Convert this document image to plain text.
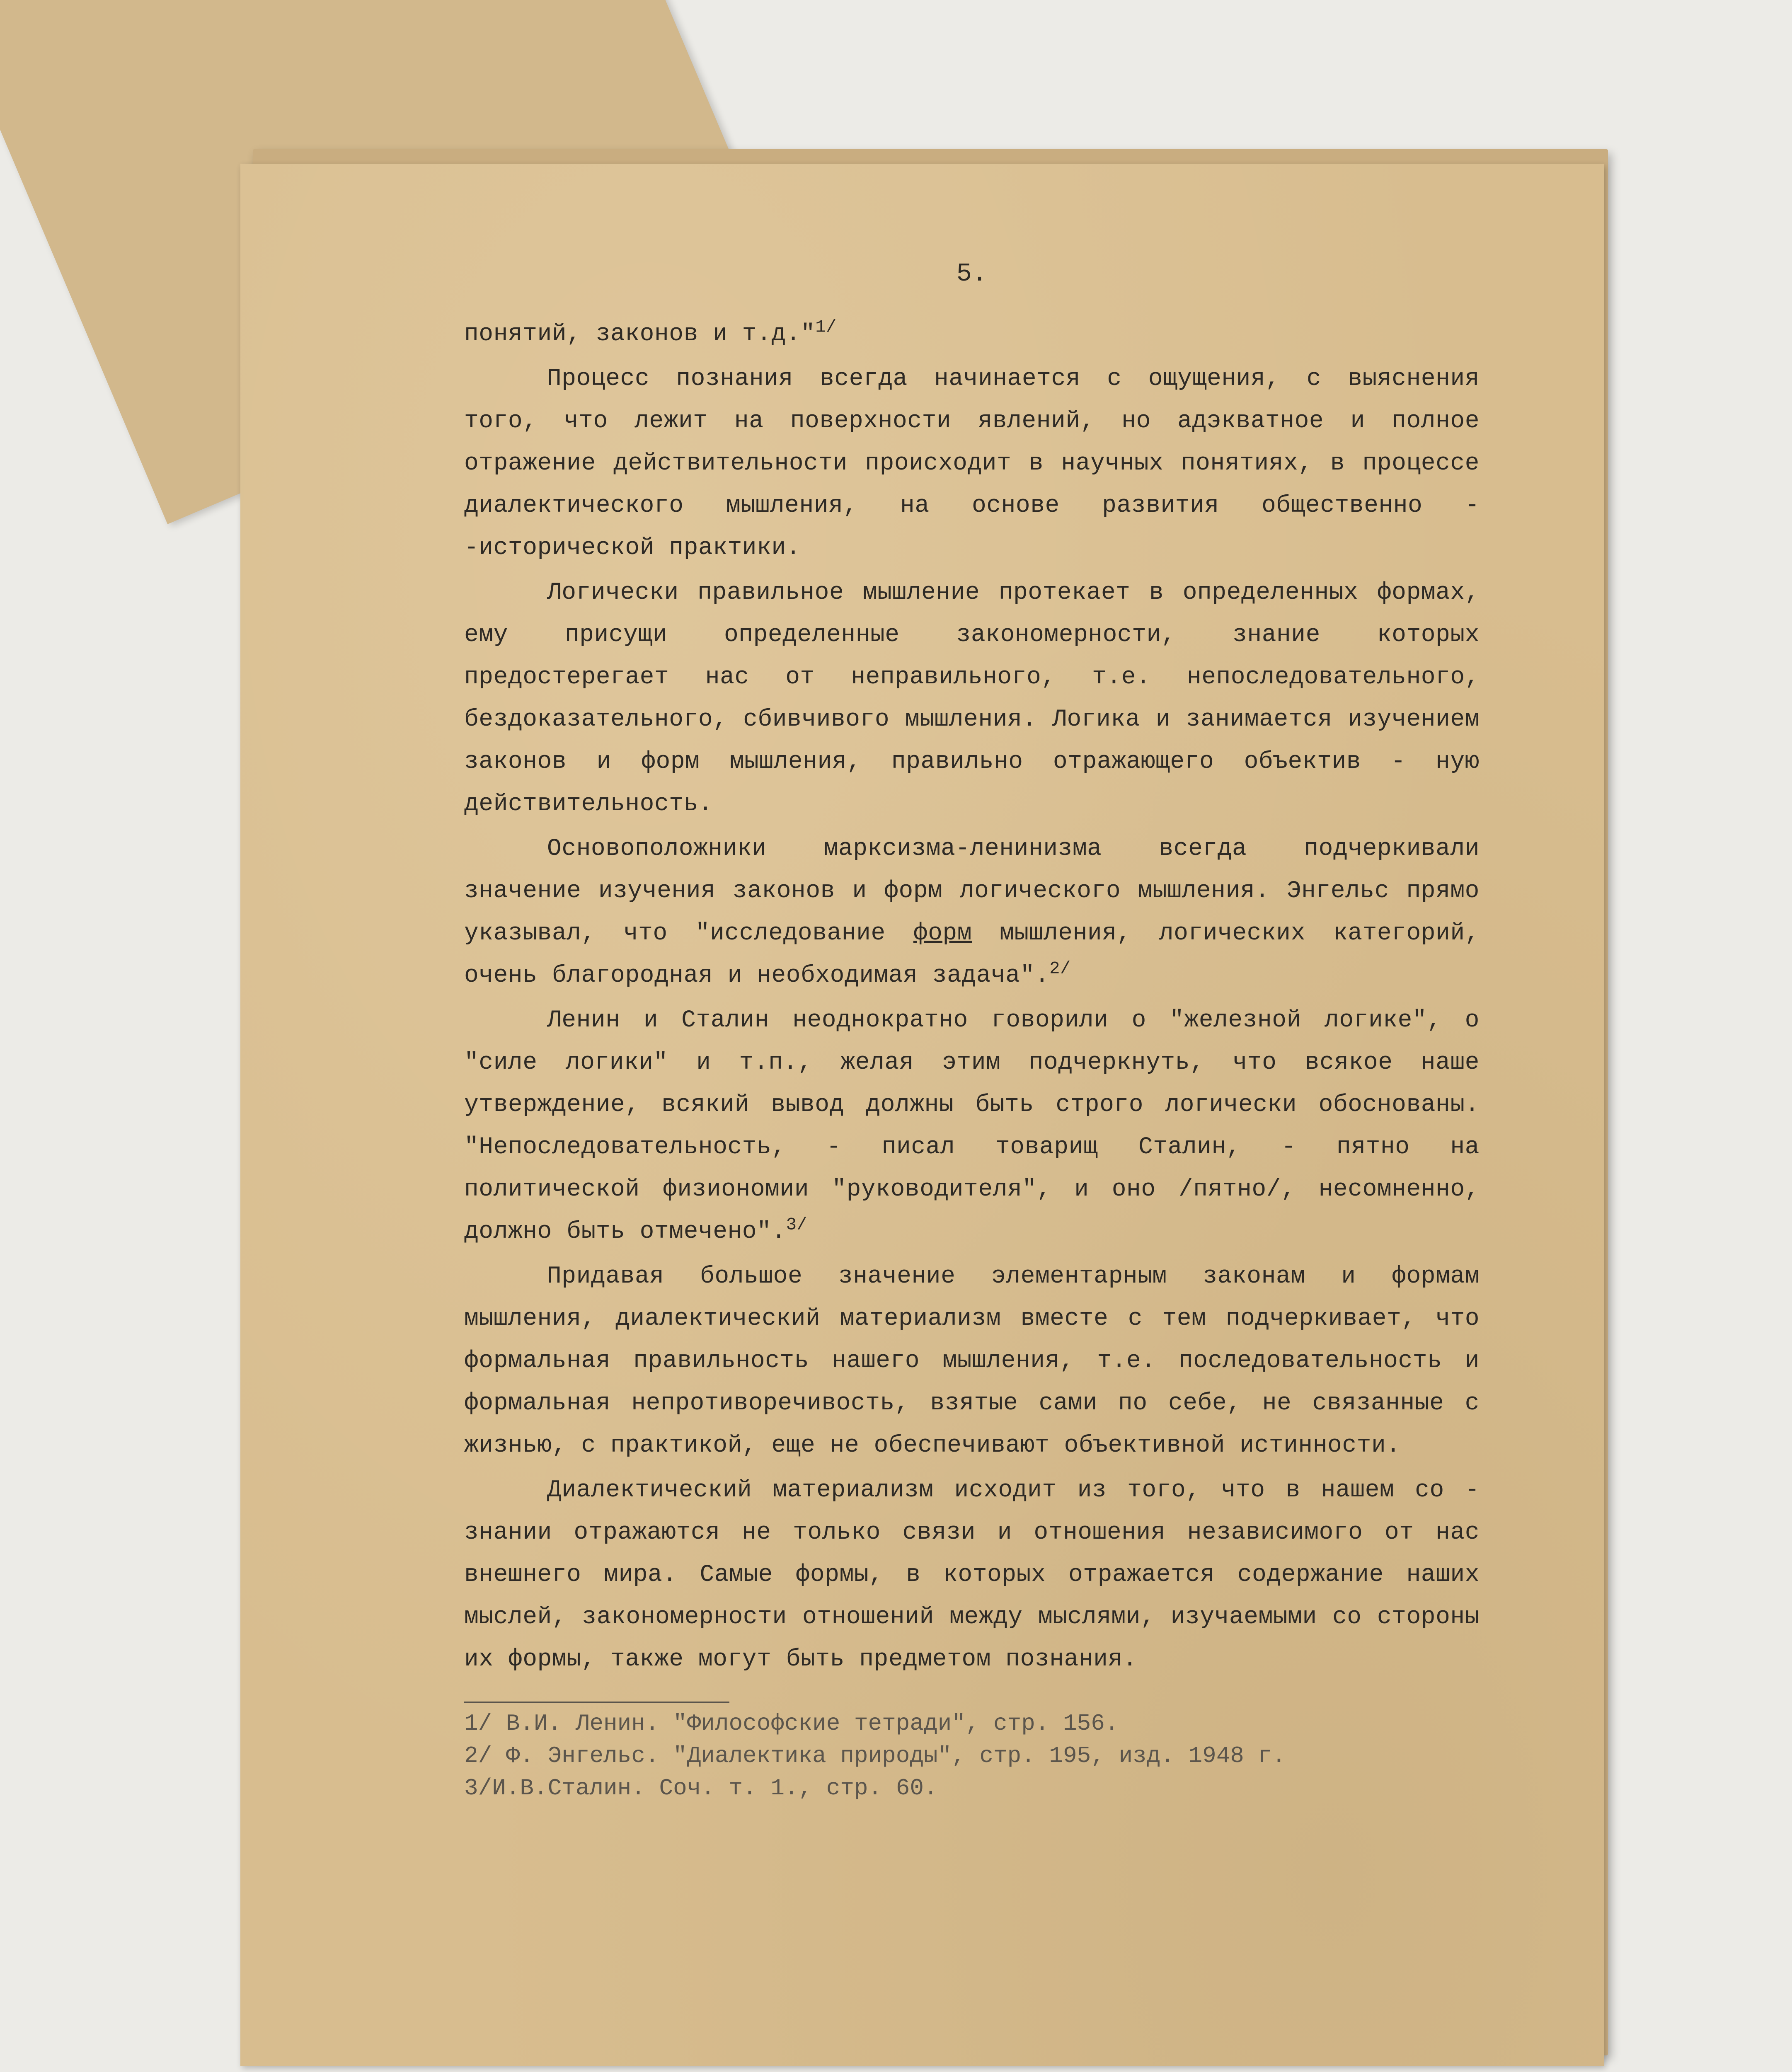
5.

понятий, законов и т.д."$^{1/}$

Процесс познания всегда начинается с ощущения, с выяснения того, что лежит на поверхности явлений, но адэкватное и полное отражение действительности происходит в научных понятиях, в процессе диалектического мышления, на основе развития общественно - -исторической практики.

Логически правильное мышление протекает в определенных формах, ему присущи определенные закономерности, знание которых предостерегает нас от неправильного, т.е. непоследовательного, бездоказательного, сбивчивого мышления. Логика и занимается изучением законов и форм мышления, правильно отражающего объектив - ную действительность.

Основоположники марксизма-ленинизма всегда подчеркивали значение изучения законов и форм логического мышления. Энгельс прямо указывал, что "исследование форм мышления, логических категорий, очень благородная и необходимая задача".$^{2/}$

Ленин и Сталин неоднократно говорили о "железной логике", о "силе логики" и т.п., желая этим подчеркнуть, что всякое наше утверждение, всякий вывод должны быть строго логически обоснованы. "Непоследовательность, - писал товарищ Сталин, - пятно на политической физиономии "руководителя", и оно /пятно/, несомненно, должно быть отмечено".$^{3/}$

Придавая большое значение элементарным законам и формам мышления, диалектический материализм вместе с тем подчеркивает, что формальная правильность нашего мышления, т.е. последовательность и формальная непротиворечивость, взятые сами по себе, не связанные с жизнью, с практикой, еще не обеспечивают объективной истинности.

Диалектический материализм исходит из того, что в нашем со - знании отражаются не только связи и отношения независимого от нас внешнего мира. Самые формы, в которых отражается содержание наших мыслей, закономерности отношений между мыслями, изучаемыми со стороны их формы, также могут быть предметом познания.

1/ В.И. Ленин. "Философские тетради", стр. 156.

2/ Ф. Энгельс. "Диалектика природы", стр. 195, изд. 1948 г.

3/И.В.Сталин. Соч. т. 1., стр. 60.
